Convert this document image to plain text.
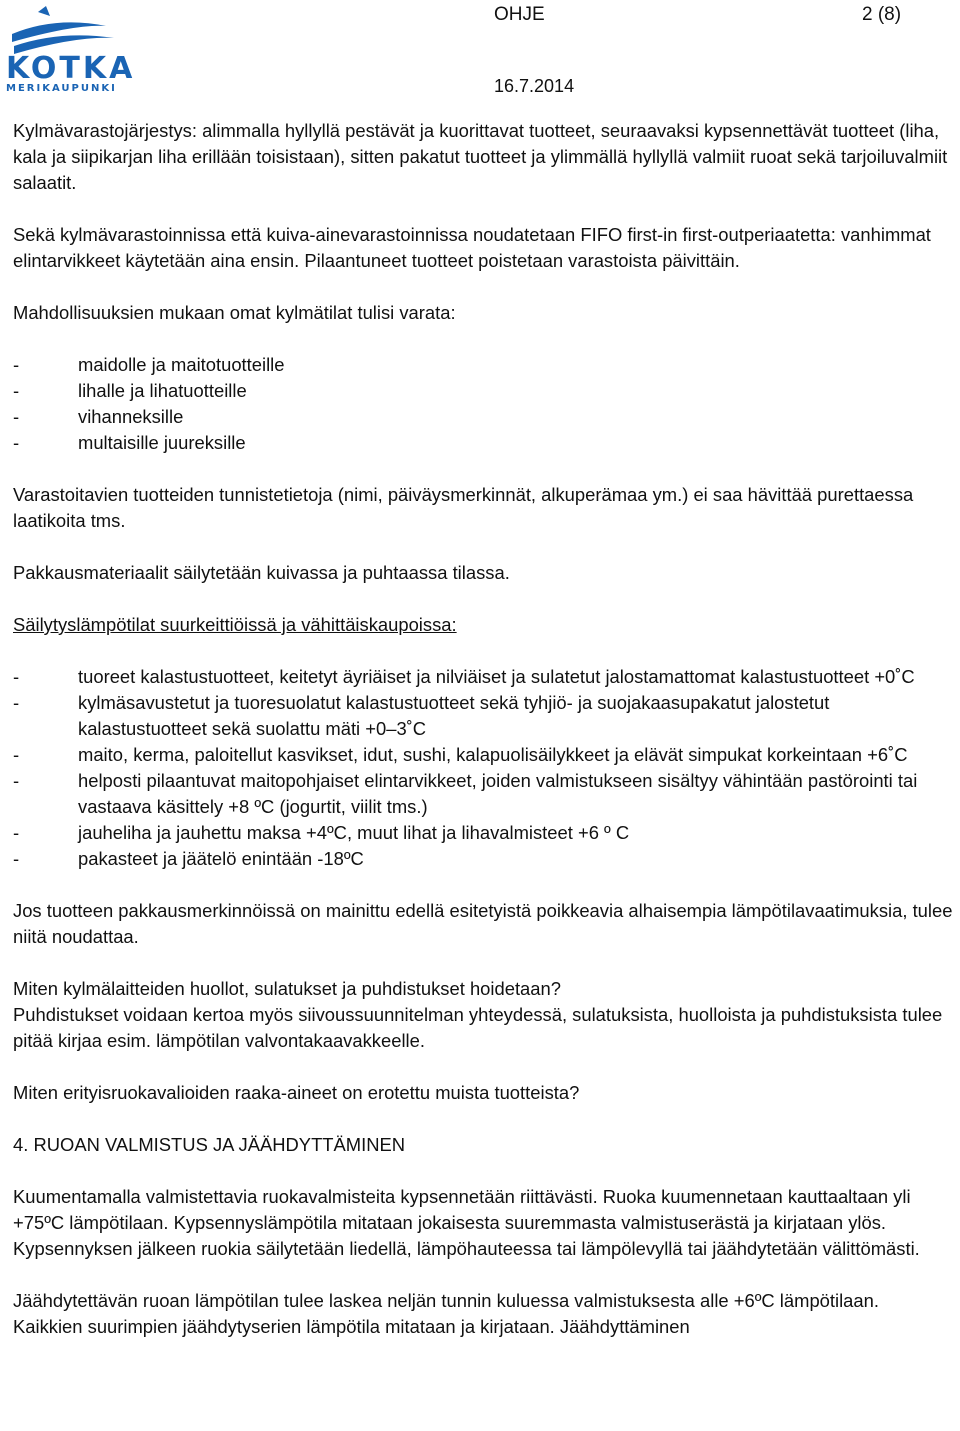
KOTKA
MERIKAUPUNKI
OHJE	2 (8)
16.7.2014

Kylmävarastojärjestys: alimmalla hyllyllä pestävät ja kuorittavat tuotteet, seuraavaksi kypsennettävät tuotteet (liha, kala ja siipikarjan liha erillään toisistaan), sitten pakatut tuotteet ja ylimmällä hyllyllä valmiit ruoat sekä tarjoiluvalmiit salaatit.

Sekä kylmävarastoinnissa että kuiva-ainevarastoinnissa noudatetaan FIFO first-in first-outperiaatetta: vanhimmat elintarvikkeet käytetään aina ensin. Pilaantuneet tuotteet poistetaan varastoista päivittäin.

Mahdollisuuksien mukaan omat kylmätilat tulisi varata:

-	maidolle ja maitotuotteille
-	lihalle ja lihatuotteille
-	vihanneksille
-	multaisille juureksille

Varastoitavien tuotteiden tunnistetietoja (nimi, päiväysmerkinnät, alkuperämaa ym.) ei saa hävittää purettaessa laatikoita tms.

Pakkausmateriaalit säilytetään kuivassa ja puhtaassa tilassa.

Säilytyslämpötilat suurkeittiöissä ja vähittäiskaupoissa:

-	tuoreet kalastustuotteet, keitetyt äyriäiset ja nilviäiset ja sulatetut jalostamattomat kalastustuotteet +0˚C
-	kylmäsavustetut ja tuoresuolatut kalastustuotteet sekä tyhjiö- ja suojakaasupakatut jalostetut kalastustuotteet sekä suolattu mäti +0–3˚C
-	maito, kerma, paloitellut kasvikset, idut, sushi, kalapuolisäilykkeet ja elävät simpukat korkeintaan +6˚C
-	helposti pilaantuvat maitopohjaiset elintarvikkeet, joiden valmistukseen sisältyy vähintään pastörointi tai vastaava käsittely +8 ºC (jogurtit, viilit tms.)
-	jauheliha ja jauhettu maksa +4ºC, muut lihat ja lihavalmisteet +6 º C
-	pakasteet ja jäätelö enintään -18ºC

Jos tuotteen pakkausmerkinnöissä on mainittu edellä esitetyistä poikkeavia alhaisempia lämpötilavaatimuksia, tulee niitä noudattaa.

Miten kylmälaitteiden huollot, sulatukset ja puhdistukset hoidetaan?

Puhdistukset voidaan kertoa myös siivoussuunnitelman yhteydessä, sulatuksista, huolloista ja puhdistuksista tulee pitää kirjaa esim. lämpötilan valvontakaavakkeelle.

Miten erityisruokavalioiden raaka-aineet on erotettu muista tuotteista?

4. RUOAN VALMISTUS JA JÄÄHDYTTÄMINEN

Kuumentamalla valmistettavia ruokavalmisteita kypsennetään riittävästi. Ruoka kuumennetaan kauttaaltaan yli +75ºC lämpötilaan. Kypsennyslämpötila mitataan jokaisesta suuremmasta valmistuserästä ja kirjataan ylös. Kypsennyksen jälkeen ruokia säilytetään liedellä, lämpöhauteessa tai lämpölevyllä tai jäähdytetään välittömästi.

Jäähdytettävän ruoan lämpötilan tulee laskea neljän tunnin kuluessa valmistuksesta alle +6ºC lämpötilaan. Kaikkien suurimpien jäähdytyserien lämpötila mitataan ja kirjataan. Jäähdyttäminen
